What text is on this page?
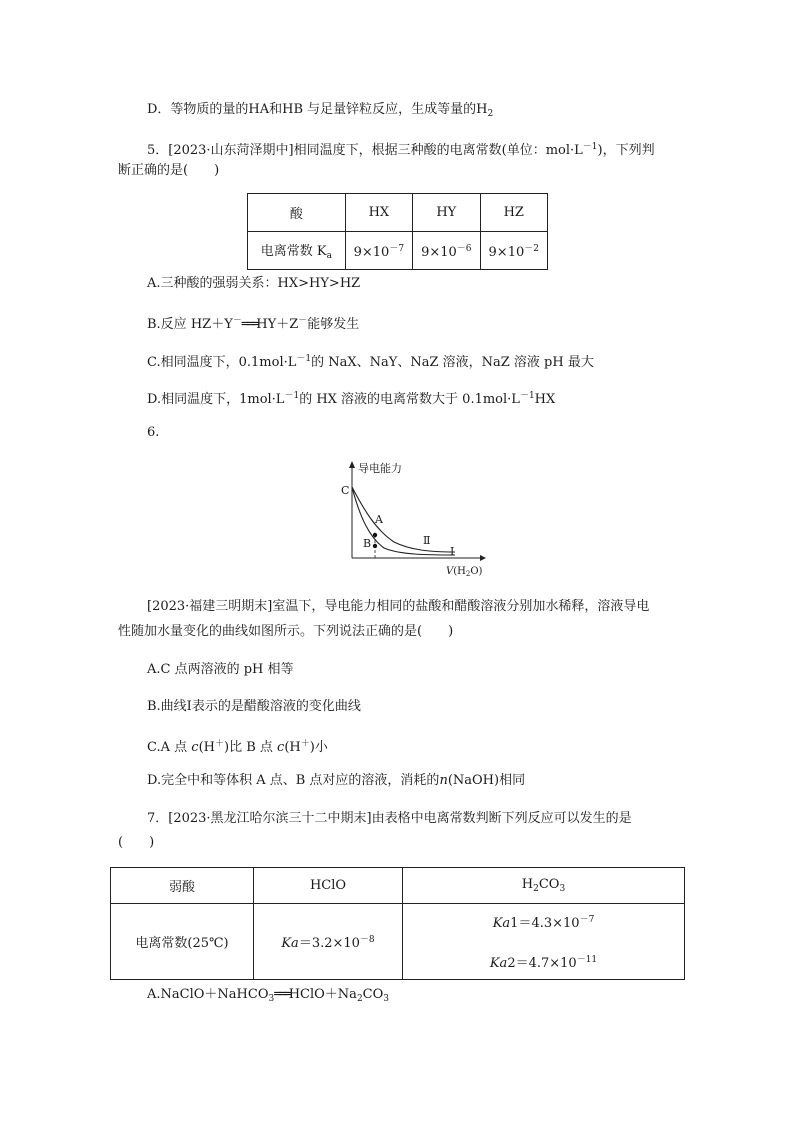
D．等物质的量的HA和HB 与足量锌粒反应，生成等量的$H_2$
5．[2023·山东菏泽期中]相同温度下，根据三种酸的电离常数(单位：$mol\cdot L^{-1}$)，下列判
断正确的是(　　)
酸	HX	HY	HZ
电离常数 $K_a$	$9\times 10^{-7}$	$9\times 10^{-6}$	$9\times 10^{-2}$
A.三种酸的强弱关系：HX>HY>HZ
B.反应 HZ＋Y－═══HY＋Z－能够发生
C.相同温度下，$0.1mol\cdot L^{-1}$的 NaX、NaY、NaZ 溶液，NaZ 溶液 pH 最大
D.相同温度下，$1mol\cdot L^{-1}$的 HX 溶液的电离常数大于 $0.1mol\cdot L^{-1}HX$
6.
导电能力
C
A
B	Ⅱ
Ⅰ
$V(H_2O)$
[2023·福建三明期末]室温下，导电能力相同的盐酸和醋酸溶液分别加水稀释，溶液导电
性随加水量变化的曲线如图所示。下列说法正确的是(　　)
A.C 点两溶液的 pH 相等
B.曲线Ⅰ表示的是醋酸溶液的变化曲线
C.A 点 c(H＋)比 B 点 c(H＋)小
D.完全中和等体积 A 点、B 点对应的溶液，消耗的n(NaOH)相同
7．[2023·黑龙江哈尔滨三十二中期末]由表格中电离常数判断下列反应可以发生的是
(　　)
弱酸	HClO	$H_2CO_3$
电离常数(25℃)	$Ka=3.2\times 10^{-8}$	$Ka1=4.3\times 10^{-7}$
$Ka2=4.7\times 10^{-11}$
$A.NaClO+NaHCO_3═══HClO+Na_2CO_3$
